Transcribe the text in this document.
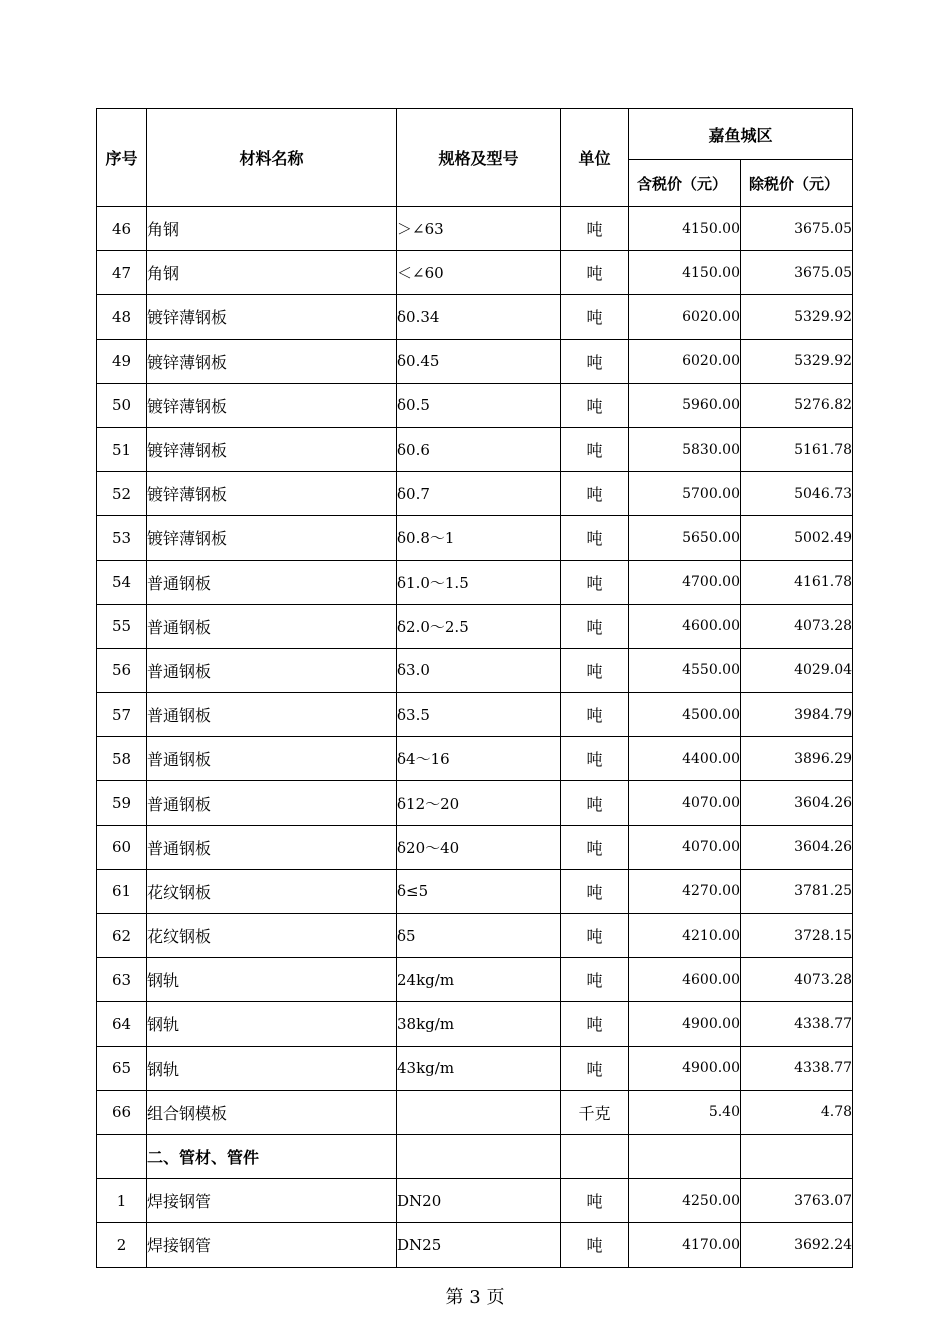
序号	材料名称	规格及型号	单位	嘉鱼城区	
				含税价（元）	除税价（元）
46	角钢	＞∠63	吨	4150.00	3675.05
47	角钢	＜∠60	吨	4150.00	3675.05
48	镀锌薄钢板	δ0.34	吨	6020.00	5329.92
49	镀锌薄钢板	δ0.45	吨	6020.00	5329.92
50	镀锌薄钢板	δ0.5	吨	5960.00	5276.82
51	镀锌薄钢板	δ0.6	吨	5830.00	5161.78
52	镀锌薄钢板	δ0.7	吨	5700.00	5046.73
53	镀锌薄钢板	δ0.8～1	吨	5650.00	5002.49
54	普通钢板	δ1.0～1.5	吨	4700.00	4161.78
55	普通钢板	δ2.0～2.5	吨	4600.00	4073.28
56	普通钢板	δ3.0	吨	4550.00	4029.04
57	普通钢板	δ3.5	吨	4500.00	3984.79
58	普通钢板	δ4～16	吨	4400.00	3896.29
59	普通钢板	δ12～20	吨	4070.00	3604.26
60	普通钢板	δ20～40	吨	4070.00	3604.26
61	花纹钢板	δ≤5	吨	4270.00	3781.25
62	花纹钢板	δ5	吨	4210.00	3728.15
63	钢轨	24kg/m	吨	4600.00	4073.28
64	钢轨	38kg/m	吨	4900.00	4338.77
65	钢轨	43kg/m	吨	4900.00	4338.77
66	组合钢模板		千克	5.40	4.78
	二、管材、管件				
1	焊接钢管	DN20	吨	4250.00	3763.07
2	焊接钢管	DN25	吨	4170.00	3692.24
第 3 页
